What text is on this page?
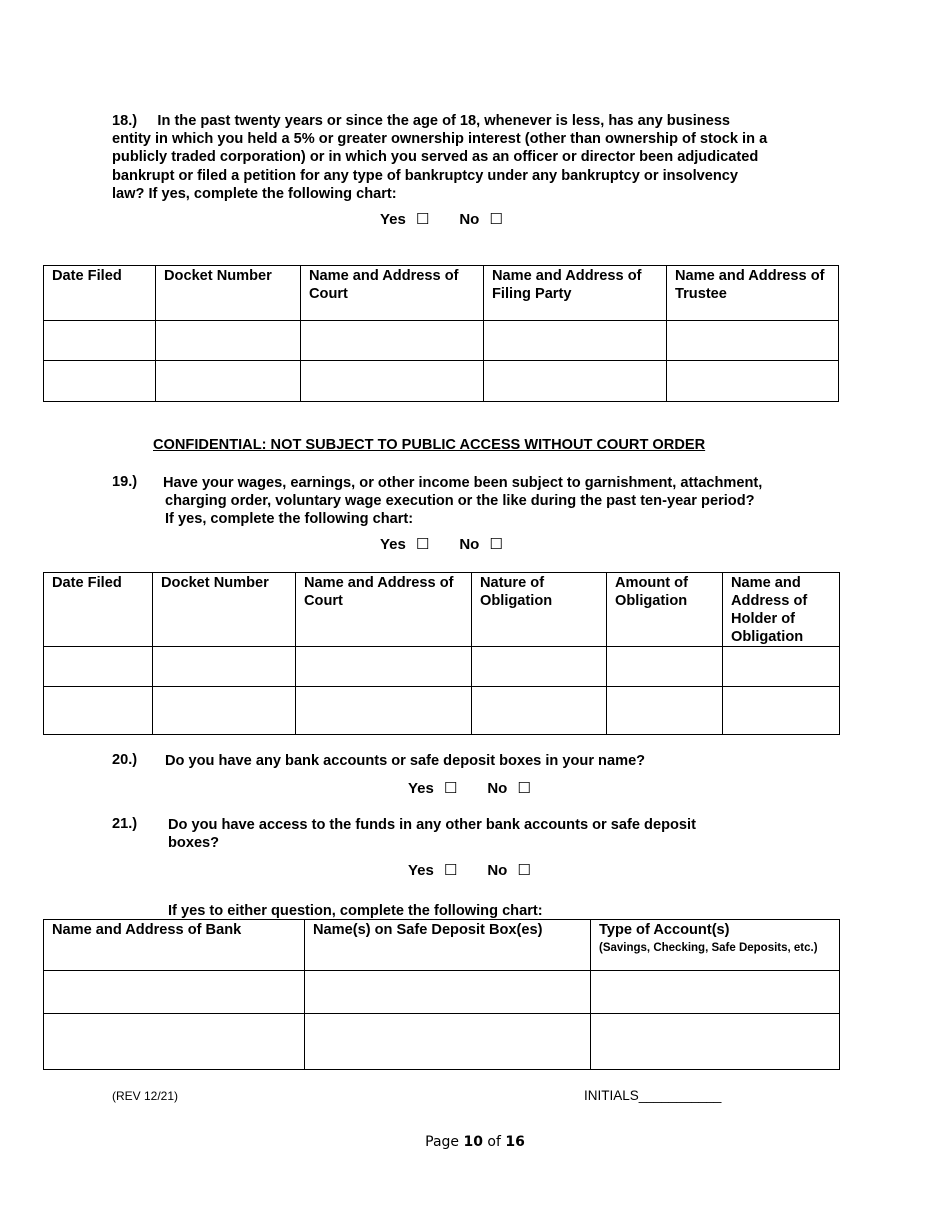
18.)     In the past twenty years or since the age of 18, whenever is less, has any business entity in which you held a 5% or greater ownership interest (other than ownership of stock in a publicly traded corporation) or in which you served as an officer or director been adjudicated bankrupt or filed a petition for any type of bankruptcy under any bankruptcy or insolvency law? If yes, complete the following chart:
Yes ☐ No ☐
Date Filed	Docket Number	Name and Address of Court	Name and Address of Filing Party	Name and Address of Trustee

CONFIDENTIAL: NOT SUBJECT TO PUBLIC ACCESS WITHOUT COURT ORDER
19.) Have your wages, earnings, or other income been subject to garnishment, attachment, charging order, voluntary wage execution or the like during the past ten-year period? If yes, complete the following chart:
Yes ☐ No ☐
Date Filed	Docket Number	Name and Address of Court	Nature of Obligation	Amount of Obligation	Name and Address of Holder of Obligation

20.) Do you have any bank accounts or safe deposit boxes in your name?
Yes ☐ No ☐
21.) Do you have access to the funds in any other bank accounts or safe deposit boxes?
Yes ☐ No ☐
If yes to either question, complete the following chart:
Name and Address of Bank	Name(s) on Safe Deposit Box(es)	Type of Account(s)
(Savings, Checking, Safe Deposits, etc.)

(REV 12/21)	INITIALS___________
Page 10 of 16
